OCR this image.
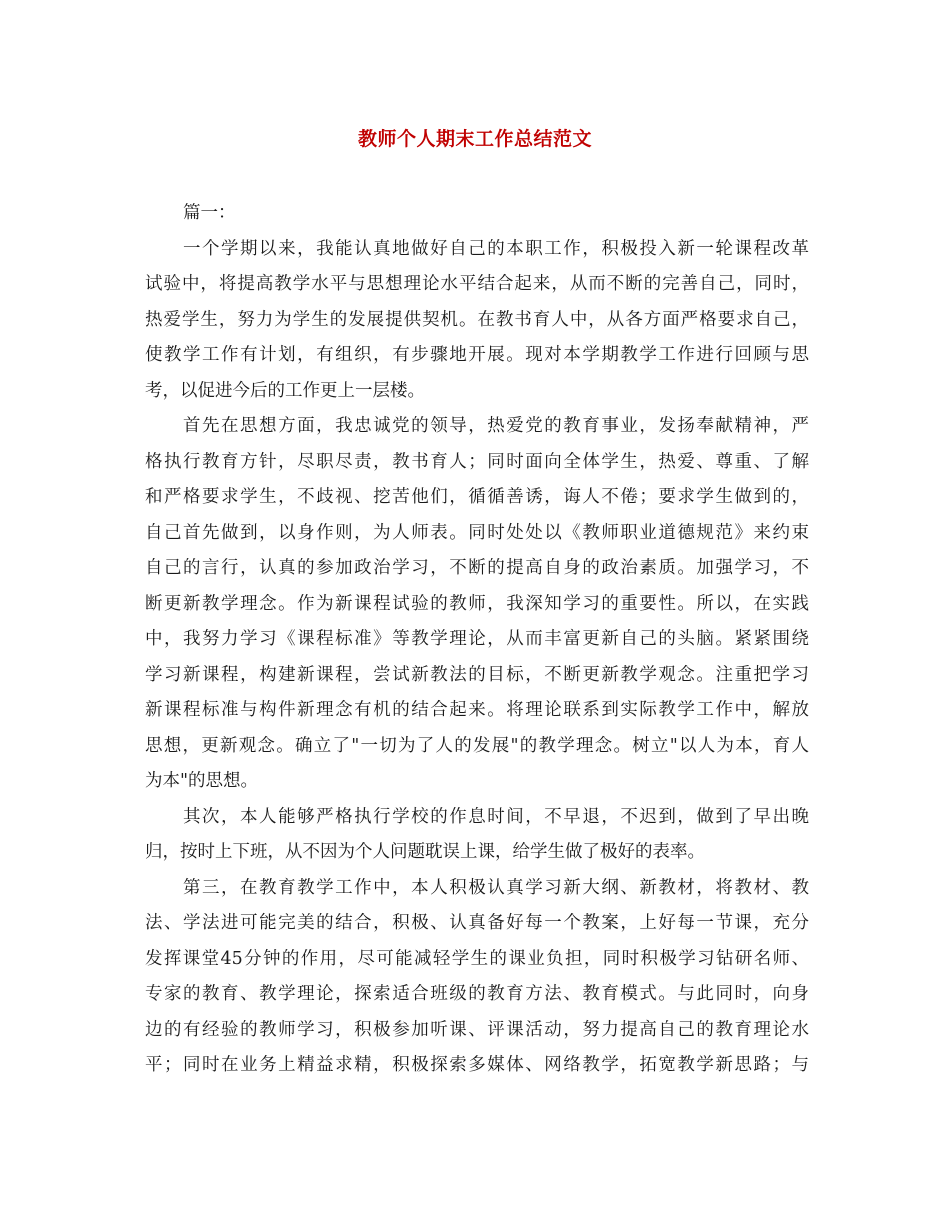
教师个人期末工作总结范文
篇一：
一个学期以来，我能认真地做好自己的本职工作，积极投入新一轮课程改革
试验中，将提高教学水平与思想理论水平结合起来，从而不断的完善自己，同时，
热爱学生，努力为学生的发展提供契机。在教书育人中，从各方面严格要求自己，
使教学工作有计划，有组织，有步骤地开展。现对本学期教学工作进行回顾与思
考，以促进今后的工作更上一层楼。
首先在思想方面，我忠诚党的领导，热爱党的教育事业，发扬奉献精神，严
格执行教育方针，尽职尽责，教书育人；同时面向全体学生，热爱、尊重、了解
和严格要求学生，不歧视、挖苦他们，循循善诱，诲人不倦；要求学生做到的，
自己首先做到，以身作则，为人师表。同时处处以《教师职业道德规范》来约束
自己的言行，认真的参加政治学习，不断的提高自身的政治素质。加强学习，不
断更新教学理念。作为新课程试验的教师，我深知学习的重要性。所以，在实践
中，我努力学习《课程标准》等教学理论，从而丰富更新自己的头脑。紧紧围绕
学习新课程，构建新课程，尝试新教法的目标，不断更新教学观念。注重把学习
新课程标准与构件新理念有机的结合起来。将理论联系到实际教学工作中，解放
思想，更新观念。确立了"一切为了人的发展"的教学理念。树立"以人为本，育人
为本"的思想。
其次，本人能够严格执行学校的作息时间，不早退，不迟到，做到了早出晚
归，按时上下班，从不因为个人问题耽误上课，给学生做了极好的表率。
第三，在教育教学工作中，本人积极认真学习新大纲、新教材，将教材、教
法、学法进可能完美的结合，积极、认真备好每一个教案，上好每一节课，充分
发挥课堂45分钟的作用，尽可能减轻学生的课业负担，同时积极学习钻研名师、
专家的教育、教学理论，探索适合班级的教育方法、教育模式。与此同时，向身
边的有经验的教师学习，积极参加听课、评课活动，努力提高自己的教育理论水
平；同时在业务上精益求精，积极探索多媒体、网络教学，拓宽教学新思路；与
